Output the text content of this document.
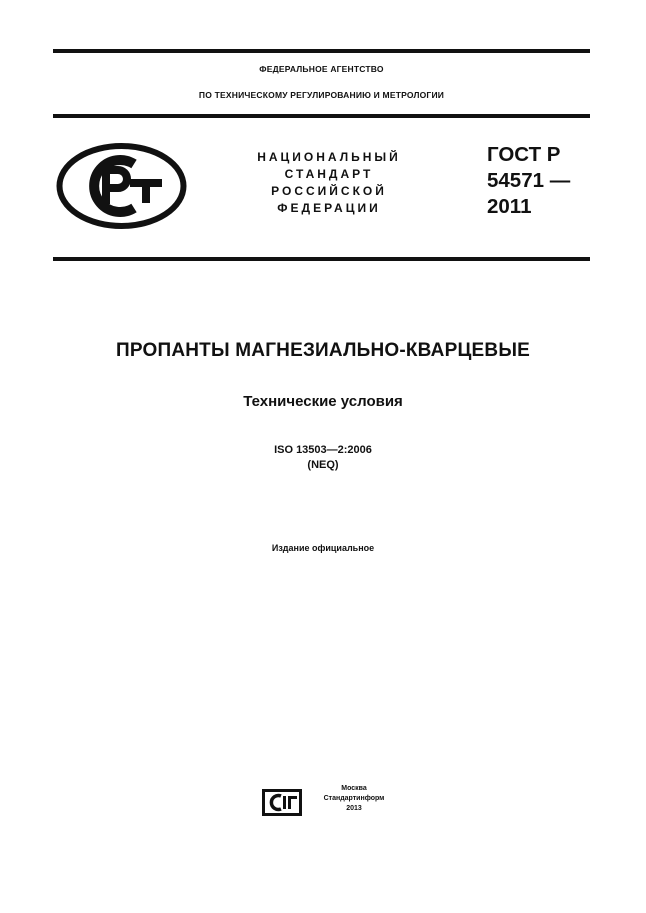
ФЕДЕРАЛЬНОЕ АГЕНТСТВО
ПО ТЕХНИЧЕСКОМУ РЕГУЛИРОВАНИЮ И МЕТРОЛОГИИ
НАЦИОНАЛЬНЫЙ
СТАНДАРТ
РОССИЙСКОЙ
ФЕДЕРАЦИИ
ГОСТ Р
54571 —
2011
ПРОПАНТЫ МАГНЕЗИАЛЬНО-КВАРЦЕВЫЕ
Технические условия
ISO 13503—2:2006
(NEQ)
Издание официальное
Москва
Стандартинформ
2013
